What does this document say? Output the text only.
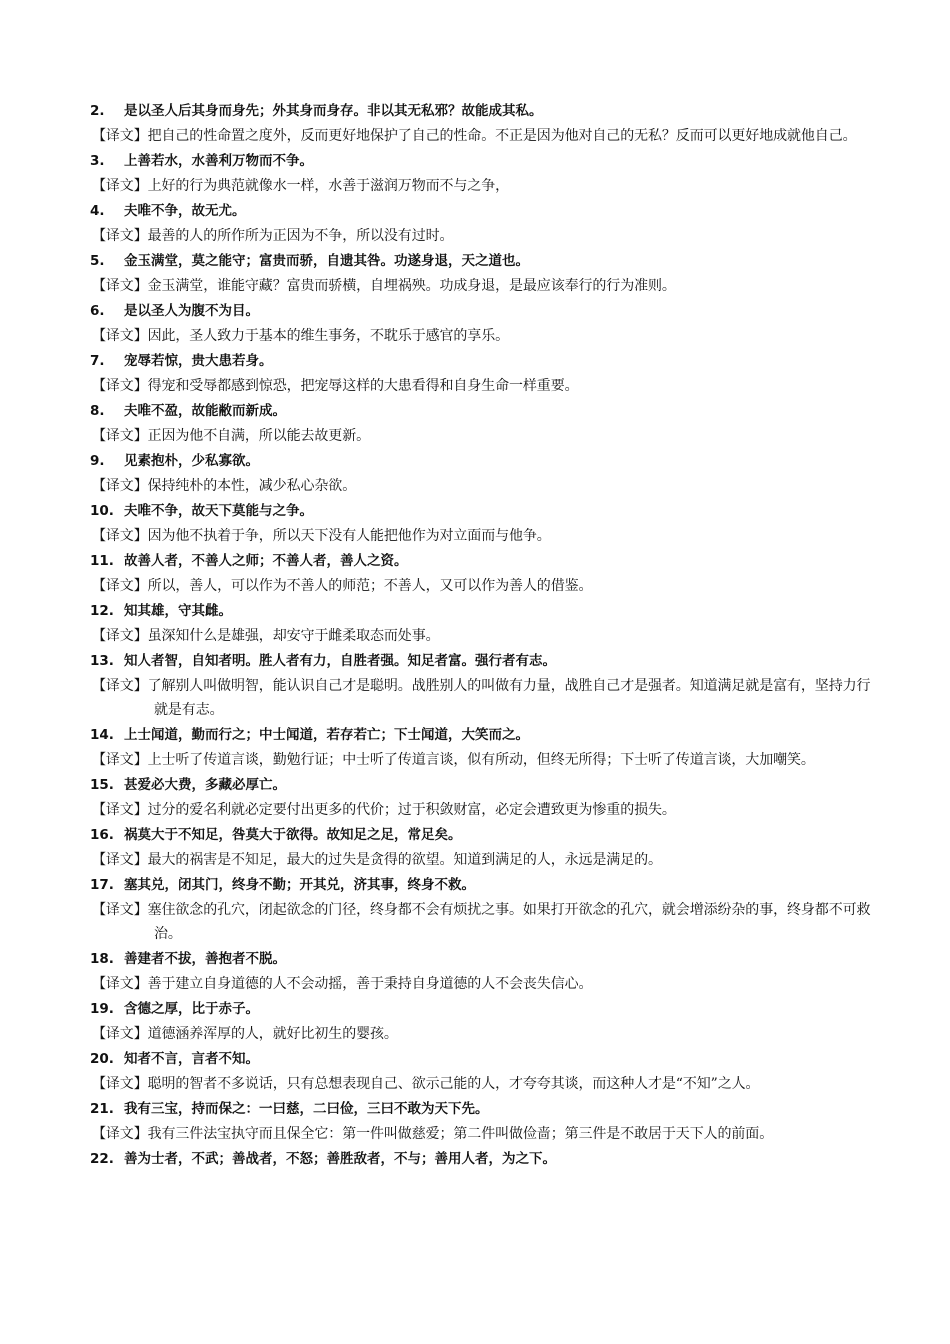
2. 是以圣人后其身而身先；外其身而身存。非以其无私邪？故能成其私。
【译文】把自己的性命置之度外，反而更好地保护了自己的性命。不正是因为他对自己的无私？反而可以更好地成就他自己。
3. 上善若水，水善利万物而不争。
【译文】上好的行为典范就像水一样，水善于滋润万物而不与之争，
4. 夫唯不争，故无尤。
【译文】最善的人的所作所为正因为不争，所以没有过时。
5. 金玉满堂，莫之能守；富贵而骄，自遗其咎。功遂身退，天之道也。
【译文】金玉满堂，谁能守藏？富贵而骄横，自埋祸殃。功成身退，是最应该奉行的行为准则。
6. 是以圣人为腹不为目。
【译文】因此，圣人致力于基本的维生事务，不耽乐于感官的享乐。
7. 宠辱若惊，贵大患若身。
【译文】得宠和受辱都感到惊恐，把宠辱这样的大患看得和自身生命一样重要。
8. 夫唯不盈，故能敝而新成。
【译文】正因为他不自满，所以能去故更新。
9. 见素抱朴，少私寡欲。
【译文】保持纯朴的本性，减少私心杂欲。
10. 夫唯不争，故天下莫能与之争。
【译文】因为他不执着于争，所以天下没有人能把他作为对立面而与他争。
11. 故善人者，不善人之师；不善人者，善人之资。
【译文】所以，善人，可以作为不善人的师范；不善人，又可以作为善人的借鉴。
12. 知其雄，守其雌。
【译文】虽深知什么是雄强，却安守于雌柔取态而处事。
13. 知人者智，自知者明。胜人者有力，自胜者强。知足者富。强行者有志。
【译文】了解别人叫做明智，能认识自己才是聪明。战胜别人的叫做有力量，战胜自己才是强者。知道满足就是富有，坚持力行就是有志。
14. 上士闻道，勤而行之；中士闻道，若存若亡；下士闻道，大笑而之。
【译文】上士听了传道言谈，勤勉行证；中士听了传道言谈，似有所动，但终无所得；下士听了传道言谈，大加嘲笑。
15. 甚爱必大费，多藏必厚亡。
【译文】过分的爱名利就必定要付出更多的代价；过于积敛财富，必定会遭致更为惨重的损失。
16. 祸莫大于不知足，咎莫大于欲得。故知足之足，常足矣。
【译文】最大的祸害是不知足，最大的过失是贪得的欲望。知道到满足的人，永远是满足的。
17. 塞其兑，闭其门，终身不勤；开其兑，济其事，终身不救。
【译文】塞住欲念的孔穴，闭起欲念的门径，终身都不会有烦扰之事。如果打开欲念的孔穴，就会增添纷杂的事，终身都不可救治。
18. 善建者不拔，善抱者不脱。
【译文】善于建立自身道德的人不会动摇，善于秉持自身道德的人不会丧失信心。
19. 含德之厚，比于赤子。
【译文】道德涵养浑厚的人，就好比初生的婴孩。
20. 知者不言，言者不知。
【译文】聪明的智者不多说话，只有总想表现自己、欲示己能的人，才夸夸其谈，而这种人才是“不知”之人。
21. 我有三宝，持而保之：一曰慈，二曰俭，三曰不敢为天下先。
【译文】我有三件法宝执守而且保全它：第一件叫做慈爱；第二件叫做俭啬；第三件是不敢居于天下人的前面。
22. 善为士者，不武；善战者，不怒；善胜敌者，不与；善用人者，为之下。
